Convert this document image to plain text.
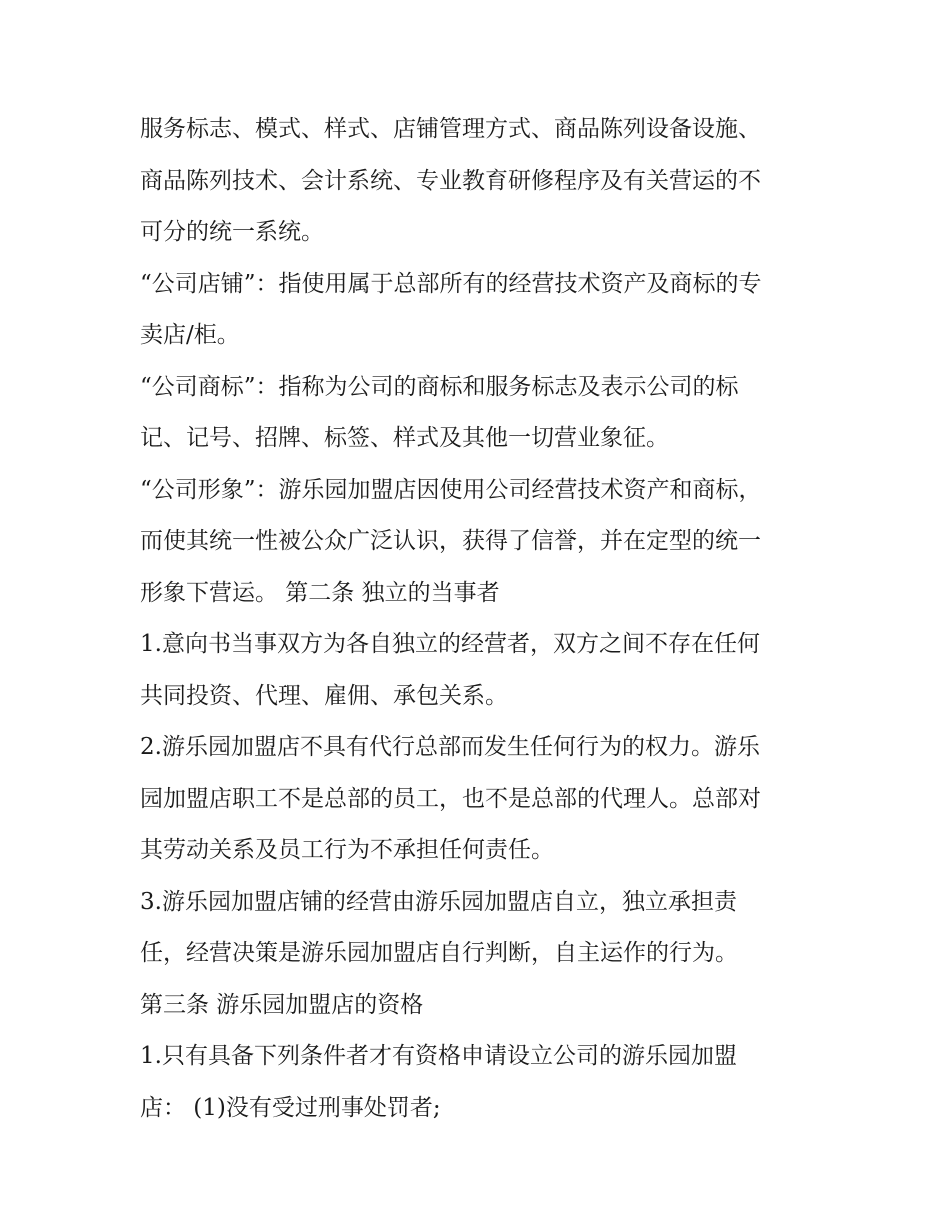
服务标志、模式、样式、店铺管理方式、商品陈列设备设施、
商品陈列技术、会计系统、专业教育研修程序及有关营运的不
可分的统一系统。
“公司店铺”：指使用属于总部所有的经营技术资产及商标的专
卖店/柜。
“公司商标”：指称为公司的商标和服务标志及表示公司的标
记、记号、招牌、标签、样式及其他一切营业象征。
“公司形象”：游乐园加盟店因使用公司经营技术资产和商标，
而使其统一性被公众广泛认识，获得了信誉，并在定型的统一
形象下营运。 第二条 独立的当事者
1.意向书当事双方为各自独立的经营者，双方之间不存在任何
共同投资、代理、雇佣、承包关系。
2.游乐园加盟店不具有代行总部而发生任何行为的权力。游乐
园加盟店职工不是总部的员工，也不是总部的代理人。总部对
其劳动关系及员工行为不承担任何责任。
3.游乐园加盟店铺的经营由游乐园加盟店自立，独立承担责
任，经营决策是游乐园加盟店自行判断，自主运作的行为。
第三条 游乐园加盟店的资格
1.只有具备下列条件者才有资格申请设立公司的游乐园加盟
店： (1)没有受过刑事处罚者;
